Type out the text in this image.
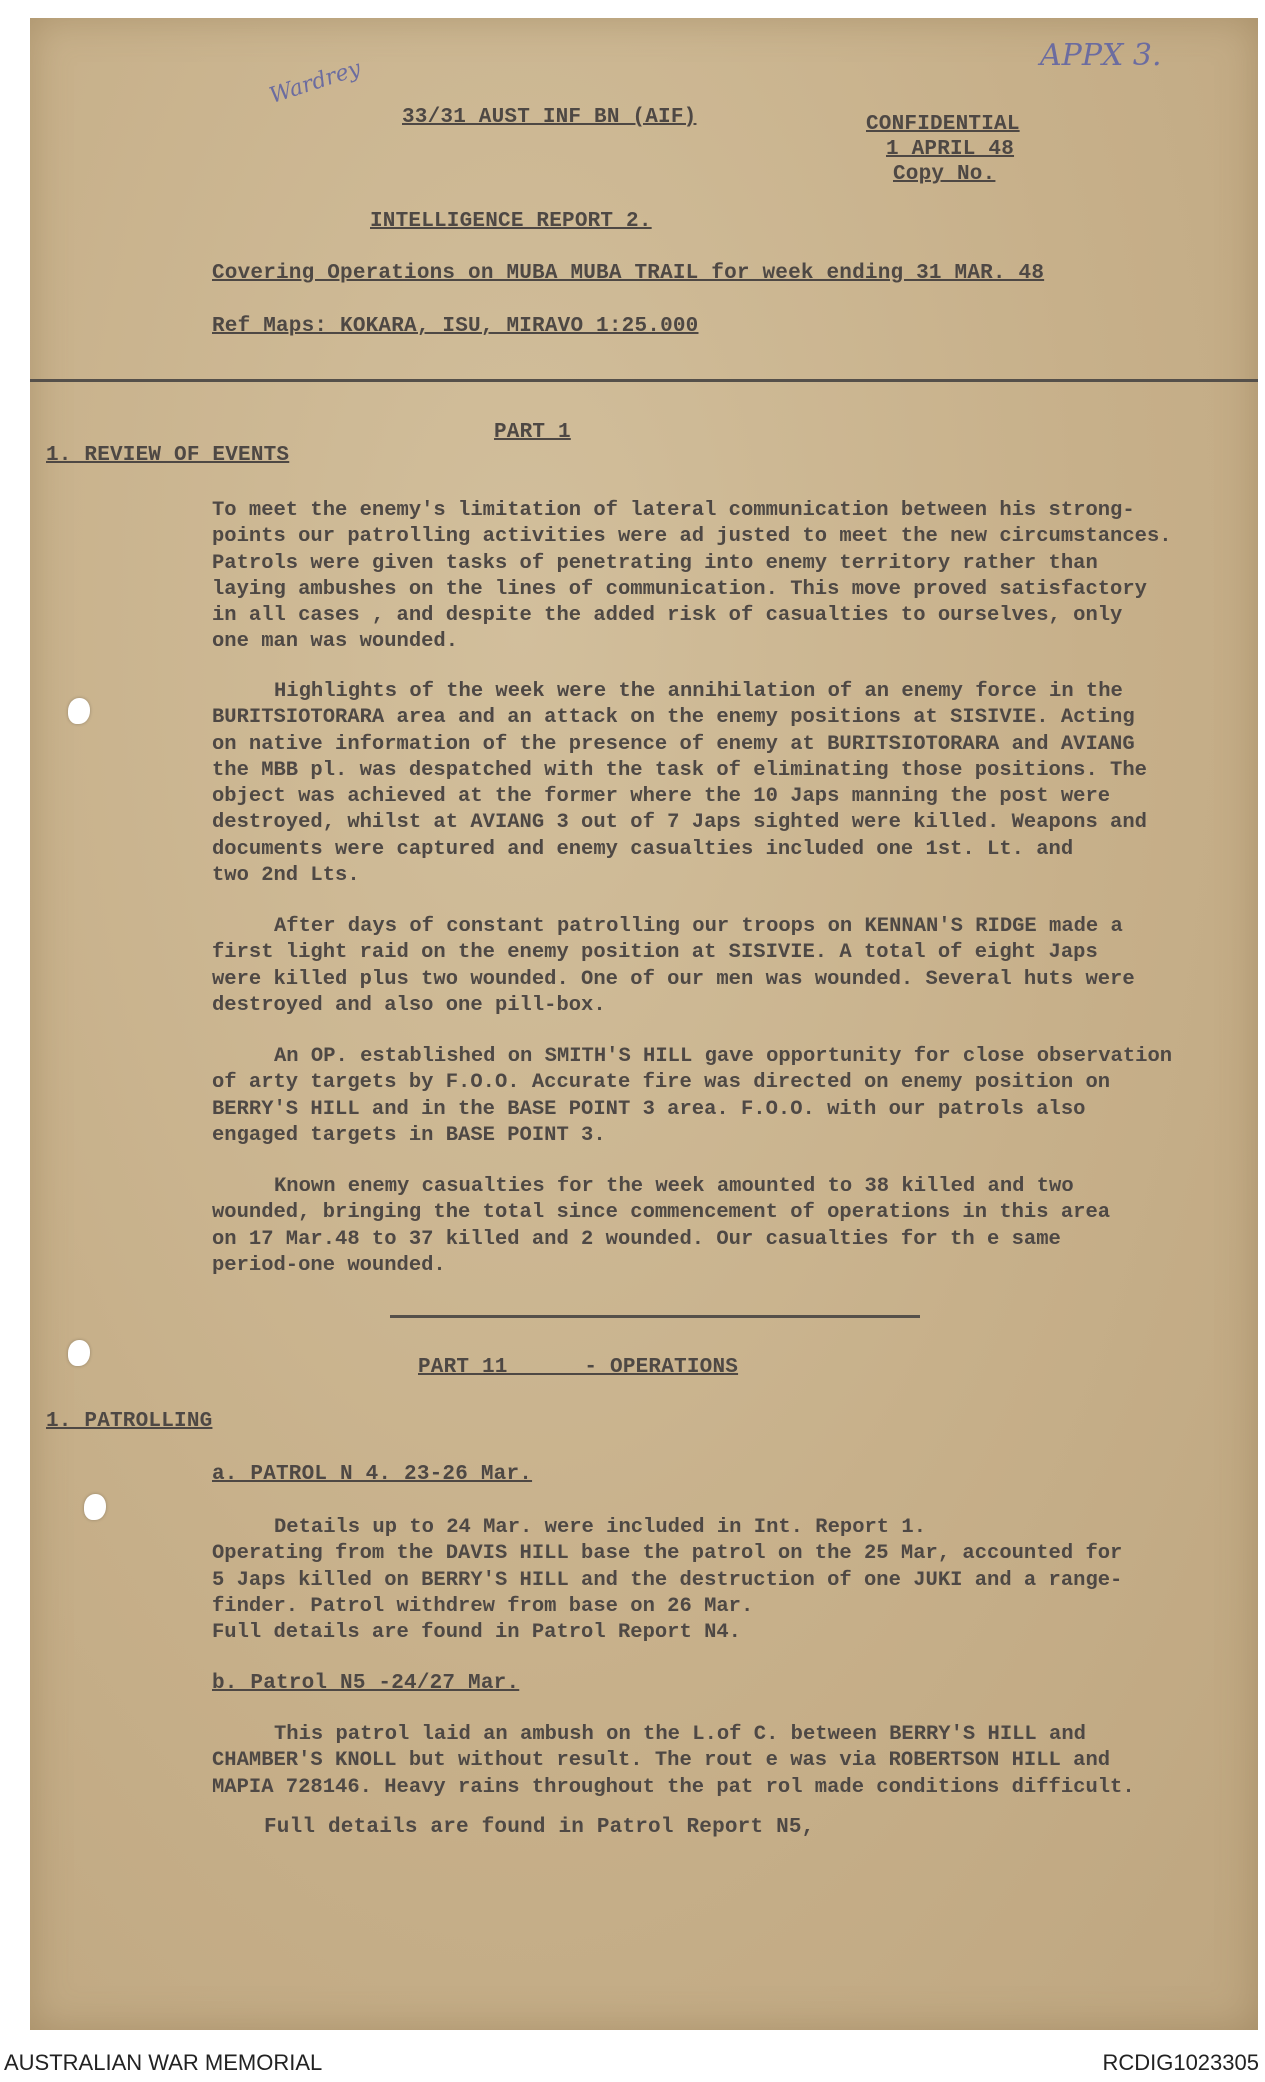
APPX 3.
Wardrey
33/31 AUST INF BN (AIF)	CONFIDENTIAL
1 APRIL 48
Copy No.
INTELLIGENCE REPORT 2.
Covering Operations on MUBA MUBA TRAIL for week ending 31 MAR. 48
Ref Maps: KOKARA, ISU, MIRAVO 1:25.000
PART 1
1. REVIEW OF EVENTS
To meet the enemy's limitation of lateral communication between his strong-
points our patrolling activities were ad justed to meet the new circumstances.
Patrols were given tasks of penetrating into enemy territory rather than
laying ambushes on the lines of communication. This move proved satisfactory
in all cases , and despite the added risk of casualties to ourselves, only
one man was wounded.
Highlights of the week were the annihilation of an enemy force in the
BURITSIOTORARA area and an attack on the enemy positions at SISIVIE. Acting
on native information of the presence of enemy at BURITSIOTORARA and AVIANG
the MBB pl. was despatched with the task of eliminating those positions. The
object was achieved at the former where the 10 Japs manning the post were
destroyed, whilst at AVIANG 3 out of 7 Japs sighted were killed. Weapons and
documents were captured and enemy casualties included one 1st. Lt. and
two 2nd Lts.
After days of constant patrolling our troops on KENNAN'S RIDGE made a
first light raid on the enemy position at SISIVIE. A total of eight Japs
were killed plus two wounded. One of our men was wounded. Several huts were
destroyed and also one pill-box.
An OP. established on SMITH'S HILL gave opportunity for close observation
of arty targets by F.O.O. Accurate fire was directed on enemy position on
BERRY'S HILL and in the BASE POINT 3 area. F.O.O. with our patrols also
engaged targets in BASE POINT 3.
Known enemy casualties for the week amounted to 38 killed and two
wounded, bringing the total since commencement of operations in this area
on 17 Mar.48 to 37 killed and 2 wounded. Our casualties for th e same
period-one wounded.
PART 11      - OPERATIONS
1. PATROLLING
a. PATROL N 4. 23-26 Mar.
Details up to 24 Mar. were included in Int. Report 1.
Operating from the DAVIS HILL base the patrol on the 25 Mar, accounted for
5 Japs killed on BERRY'S HILL and the destruction of one JUKI and a range-
finder. Patrol withdrew from base on 26 Mar.
Full details are found in Patrol Report N4.
b. Patrol N5 -24/27 Mar.
This patrol laid an ambush on the L.of C. between BERRY'S HILL and
CHAMBER'S KNOLL but without result. The rout e was via ROBERTSON HILL and
MAPIA 728146. Heavy rains throughout the pat rol made conditions difficult.
Full details are found in Patrol Report N5,
AUSTRALIAN WAR MEMORIAL	RCDIG1023305
